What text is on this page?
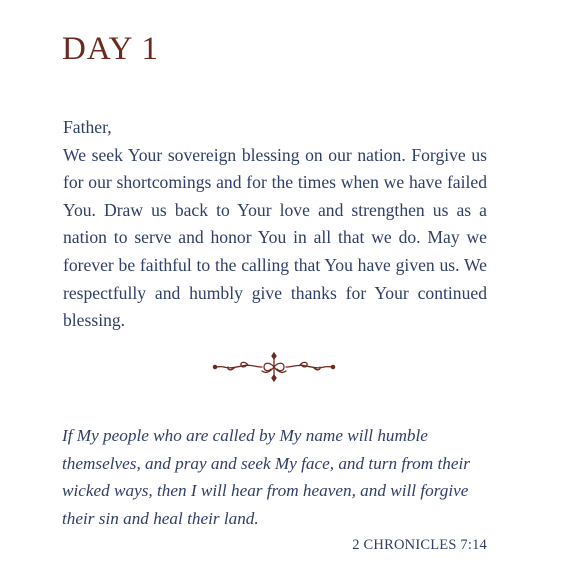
DAY 1

Father,

We seek Your sovereign blessing on our nation. Forgive us for our shortcomings and for the times when we have failed You. Draw us back to Your love and strengthen us as a nation to serve and honor You in all that we do. May we forever be faithful to the calling that You have given us. We respectfully and humbly give thanks for Your continued blessing.

If My people who are called by My name will humble themselves, and pray and seek My face, and turn from their wicked ways, then I will hear from heaven, and will forgive their sin and heal their land.

2 CHRONICLES 7:14
